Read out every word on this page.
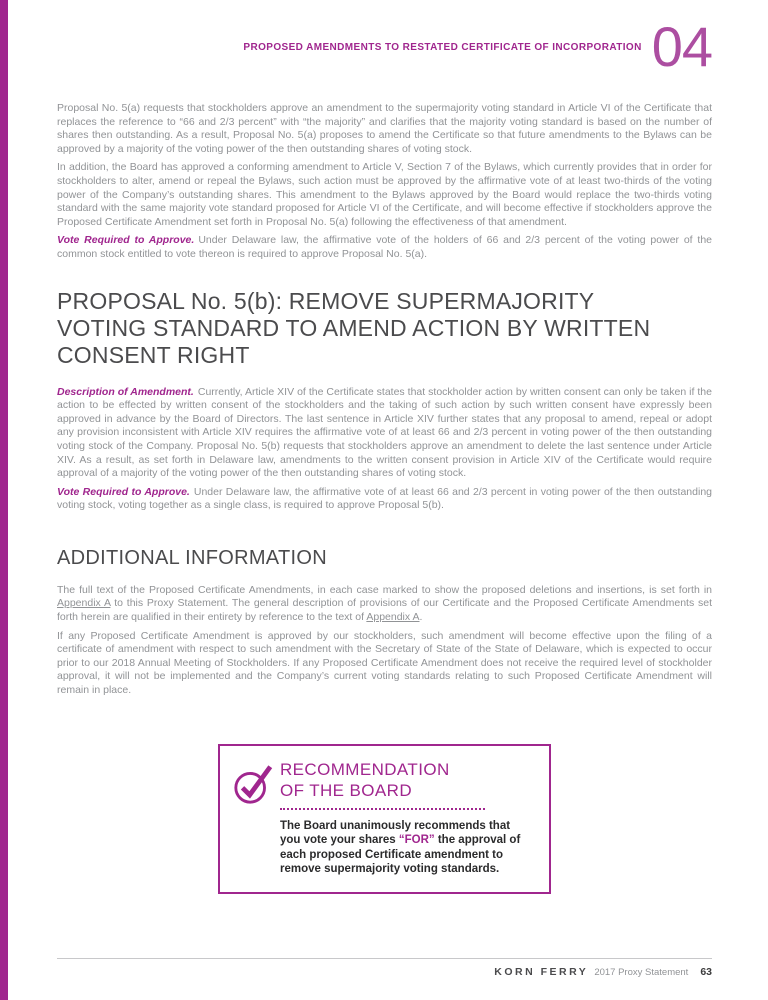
PROPOSED AMENDMENTS TO RESTATED CERTIFICATE OF INCORPORATION 04

Proposal No. 5(a) requests that stockholders approve an amendment to the supermajority voting standard in Article VI of the Certificate that replaces the reference to “66 and 2/3 percent” with “the majority” and clarifies that the majority voting standard is based on the number of shares then outstanding. As a result, Proposal No. 5(a) proposes to amend the Certificate so that future amendments to the Bylaws can be approved by a majority of the voting power of the then outstanding shares of voting stock.

In addition, the Board has approved a conforming amendment to Article V, Section 7 of the Bylaws, which currently provides that in order for stockholders to alter, amend or repeal the Bylaws, such action must be approved by the affirmative vote of at least two-thirds of the voting power of the Company’s outstanding shares. This amendment to the Bylaws approved by the Board would replace the two-thirds voting standard with the same majority vote standard proposed for Article VI of the Certificate, and will become effective if stockholders approve the Proposed Certificate Amendment set forth in Proposal No. 5(a) following the effectiveness of that amendment.

Vote Required to Approve. Under Delaware law, the affirmative vote of the holders of 66 and 2/3 percent of the voting power of the common stock entitled to vote thereon is required to approve Proposal No. 5(a).

PROPOSAL No. 5(b): REMOVE SUPERMAJORITY
VOTING STANDARD TO AMEND ACTION BY WRITTEN
CONSENT RIGHT

Description of Amendment. Currently, Article XIV of the Certificate states that stockholder action by written consent can only be taken if the action to be effected by written consent of the stockholders and the taking of such action by such written consent have expressly been approved in advance by the Board of Directors. The last sentence in Article XIV further states that any proposal to amend, repeal or adopt any provision inconsistent with Article XIV requires the affirmative vote of at least 66 and 2/3 percent in voting power of the then outstanding voting stock of the Company. Proposal No. 5(b) requests that stockholders approve an amendment to delete the last sentence under Article XIV. As a result, as set forth in Delaware law, amendments to the written consent provision in Article XIV of the Certificate would require approval of a majority of the voting power of the then outstanding shares of voting stock.

Vote Required to Approve. Under Delaware law, the affirmative vote of at least 66 and 2/3 percent in voting power of the then outstanding voting stock, voting together as a single class, is required to approve Proposal 5(b).

ADDITIONAL INFORMATION

The full text of the Proposed Certificate Amendments, in each case marked to show the proposed deletions and insertions, is set forth in Appendix A to this Proxy Statement. The general description of provisions of our Certificate and the Proposed Certificate Amendments set forth herein are qualified in their entirety by reference to the text of Appendix A.

If any Proposed Certificate Amendment is approved by our stockholders, such amendment will become effective upon the filing of a certificate of amendment with respect to such amendment with the Secretary of State of the State of Delaware, which is expected to occur prior to our 2018 Annual Meeting of Stockholders. If any Proposed Certificate Amendment does not receive the required level of stockholder approval, it will not be implemented and the Company’s current voting standards relating to such Proposed Certificate Amendment will remain in place.

RECOMMENDATION
OF THE BOARD
The Board unanimously recommends that you vote your shares “FOR” the approval of each proposed Certificate amendment to remove supermajority voting standards.
KORN FERRY 2017 Proxy Statement 63
